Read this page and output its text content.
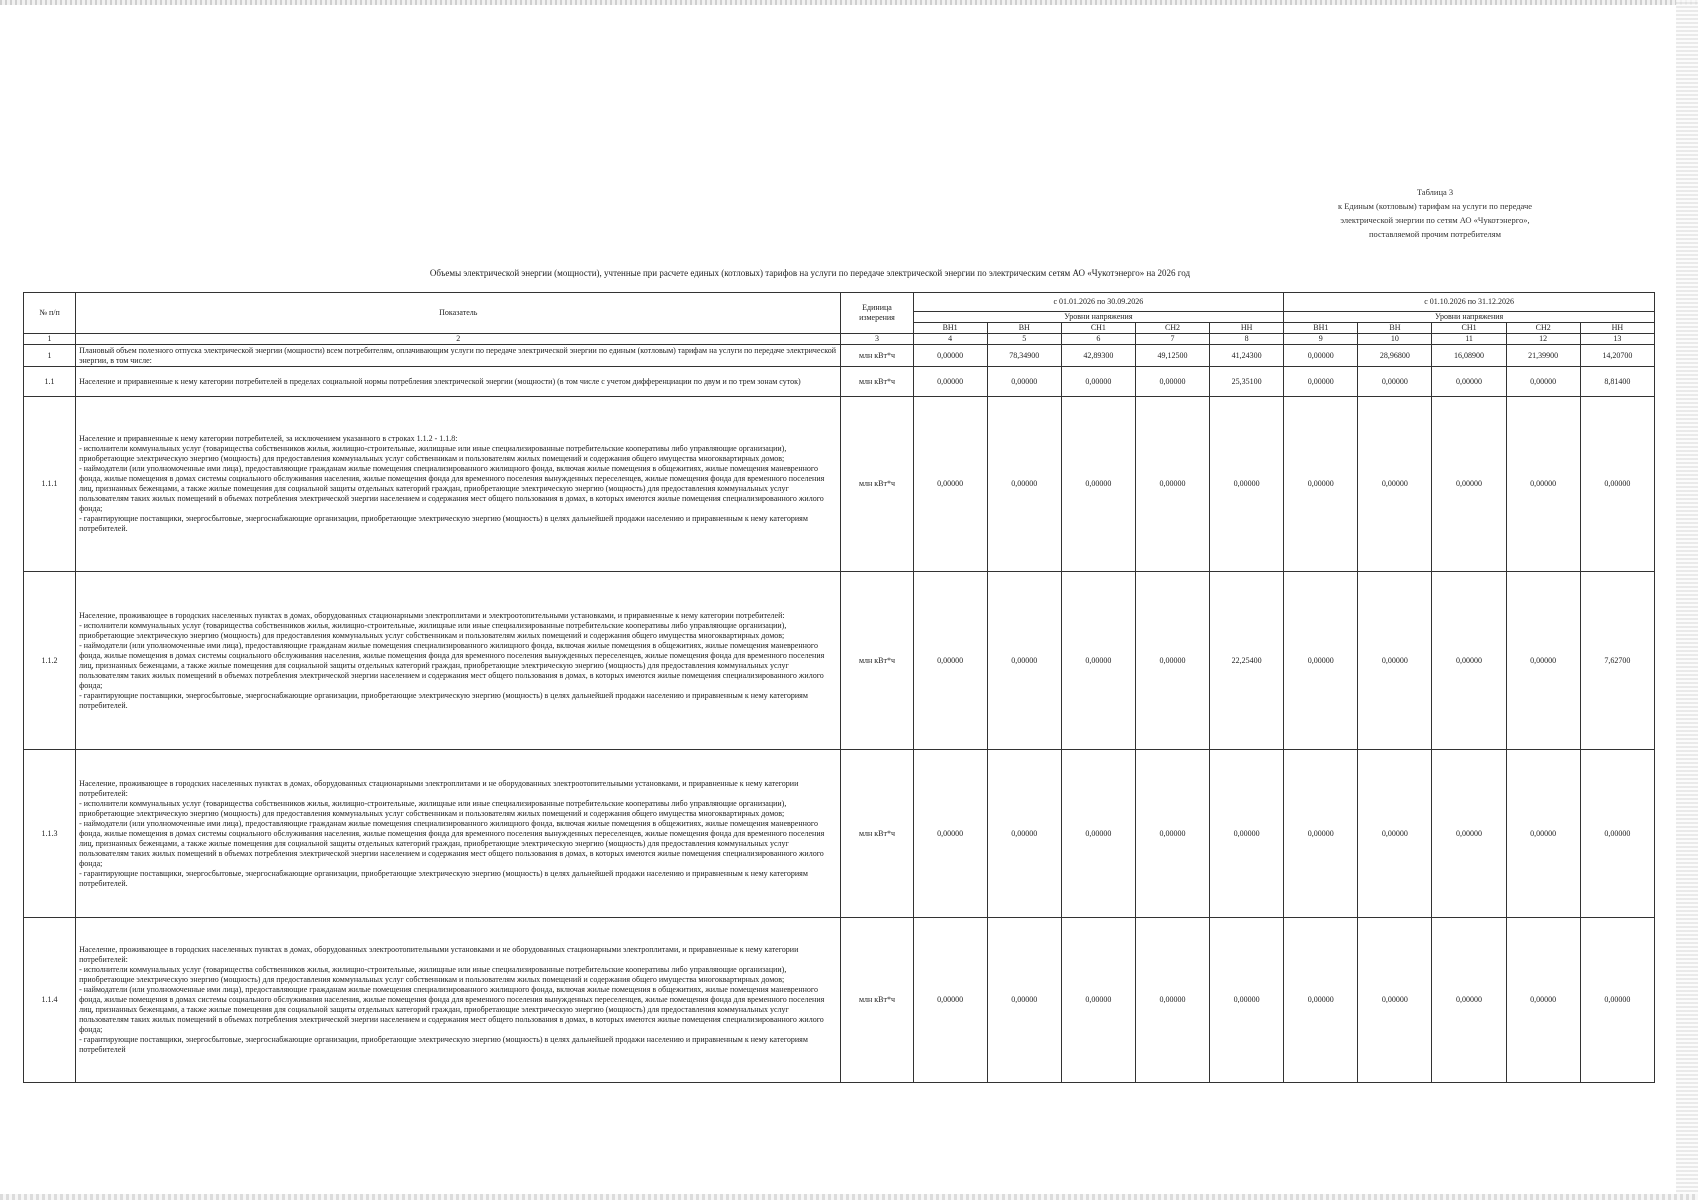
Таблица 3
к Единым (котловым) тарифам на услуги по передаче
электрической энергии по сетям АО «Чукотэнерго»,
поставляемой прочим потребителям
Объемы электрической энергии (мощности), учтенные при расчете единых (котловых) тарифов на услуги по передаче электрической энергии по электрическим сетям АО «Чукотэнерго» на 2026 год
№ п/п	Показатель	Единица измерения	с 01.01.2026 по 30.09.2026					с 01.10.2026 по 31.12.2026				
			Уровни напряжения					Уровни напряжения				
			ВН1	ВН	СН1	СН2	НН	ВН1	ВН	СН1	СН2	НН
1	2	3	4	5	6	7	8	9	10	11	12	13
1	Плановый объем полезного отпуска электрической энергии (мощности) всем потребителям, оплачивающим услуги по передаче электрической энергии по единым (котловым) тарифам на услуги по передаче электрической энергии, в том числе:	млн кВт*ч	0,00000	78,34900	42,89300	49,12500	41,24300	0,00000	28,96800	16,08900	21,39900	14,20700
1.1	Население и приравненные к нему категории потребителей в пределах социальной нормы потребления электрической энергии (мощности) (в том числе с учетом дифференциации по двум и по трем зонам суток)	млн кВт*ч	0,00000	0,00000	0,00000	0,00000	25,35100	0,00000	0,00000	0,00000	0,00000	8,81400
1.1.1	Население и приравненные к нему категории потребителей, за исключением указанного в строках 1.1.2 - 1.1.8:
- исполнители коммунальных услуг (товарищества собственников жилья, жилищно-строительные, жилищные или иные специализированные потребительские кооперативы либо управляющие организации), приобретающие электрическую энергию (мощность) для предоставления коммунальных услуг собственникам и пользователям жилых помещений и содержания общего имущества многоквартирных домов;
- наймодатели (или уполномоченные ими лица), предоставляющие гражданам жилые помещения специализированного жилищного фонда, включая жилые помещения в общежитиях, жилые помещения маневренного фонда, жилые помещения в домах системы социального обслуживания населения, жилые помещения фонда для временного поселения вынужденных переселенцев, жилые помещения фонда для временного поселения лиц, признанных беженцами, а также жилые помещения для социальной защиты отдельных категорий граждан, приобретающие электрическую энергию (мощность) для предоставления коммунальных услуг пользователям таких жилых помещений в объемах потребления электрической энергии населением и содержания мест общего пользования в домах, в которых имеются жилые помещения специализированного жилого фонда;
- гарантирующие поставщики, энергосбытовые, энергоснабжающие организации, приобретающие электрическую энергию (мощность) в целях дальнейшей продажи населению и приравненным к нему категориям потребителей.	млн кВт*ч	0,00000	0,00000	0,00000	0,00000	0,00000	0,00000	0,00000	0,00000	0,00000	0,00000
1.1.2	Население, проживающее в городских населенных пунктах в домах, оборудованных стационарными электроплитами и электроотопительными установками, и приравненные к нему категории потребителей:
- исполнители коммунальных услуг (товарищества собственников жилья, жилищно-строительные, жилищные или иные специализированные потребительские кооперативы либо управляющие организации), приобретающие электрическую энергию (мощность) для предоставления коммунальных услуг собственникам и пользователям жилых помещений и содержания общего имущества многоквартирных домов;
- наймодатели (или уполномоченные ими лица), предоставляющие гражданам жилые помещения специализированного жилищного фонда, включая жилые помещения в общежитиях, жилые помещения маневренного фонда, жилые помещения в домах системы социального обслуживания населения, жилые помещения фонда для временного поселения вынужденных переселенцев, жилые помещения фонда для временного поселения лиц, признанных беженцами, а также жилые помещения для социальной защиты отдельных категорий граждан, приобретающие электрическую энергию (мощность) для предоставления коммунальных услуг пользователям таких жилых помещений в объемах потребления электрической энергии населением и содержания мест общего пользования в домах, в которых имеются жилые помещения специализированного жилого фонда;
- гарантирующие поставщики, энергосбытовые, энергоснабжающие организации, приобретающие электрическую энергию (мощность) в целях дальнейшей продажи населению и приравненным к нему категориям потребителей.	млн кВт*ч	0,00000	0,00000	0,00000	0,00000	22,25400	0,00000	0,00000	0,00000	0,00000	7,62700
1.1.3	Население, проживающее в городских населенных пунктах в домах, оборудованных стационарными электроплитами и не оборудованных электроотопительными установками, и приравненные к нему категории потребителей:
- исполнители коммунальных услуг (товарищества собственников жилья, жилищно-строительные, жилищные или иные специализированные потребительские кооперативы либо управляющие организации), приобретающие электрическую энергию (мощность) для предоставления коммунальных услуг собственникам и пользователям жилых помещений и содержания общего имущества многоквартирных домов;
- наймодатели (или уполномоченные ими лица), предоставляющие гражданам жилые помещения специализированного жилищного фонда, включая жилые помещения в общежитиях, жилые помещения маневренного фонда, жилые помещения в домах системы социального обслуживания населения, жилые помещения фонда для временного поселения вынужденных переселенцев, жилые помещения фонда для временного поселения лиц, признанных беженцами, а также жилые помещения для социальной защиты отдельных категорий граждан, приобретающие электрическую энергию (мощность) для предоставления коммунальных услуг пользователям таких жилых помещений в объемах потребления электрической энергии населением и содержания мест общего пользования в домах, в которых имеются жилые помещения специализированного жилого фонда;
- гарантирующие поставщики, энергосбытовые, энергоснабжающие организации, приобретающие электрическую энергию (мощность) в целях дальнейшей продажи населению и приравненным к нему категориям потребителей.	млн кВт*ч	0,00000	0,00000	0,00000	0,00000	0,00000	0,00000	0,00000	0,00000	0,00000	0,00000
1.1.4	Население, проживающее в городских населенных пунктах в домах, оборудованных электроотопительными установками и не оборудованных стационарными электроплитами, и приравненные к нему категории потребителей:
- исполнители коммунальных услуг (товарищества собственников жилья, жилищно-строительные, жилищные или иные специализированные потребительские кооперативы либо управляющие организации), приобретающие электрическую энергию (мощность) для предоставления коммунальных услуг собственникам и пользователям жилых помещений и содержания общего имущества многоквартирных домов;
- наймодатели (или уполномоченные ими лица), предоставляющие гражданам жилые помещения специализированного жилищного фонда, включая жилые помещения в общежитиях, жилые помещения маневренного фонда, жилые помещения в домах системы социального обслуживания населения, жилые помещения фонда для временного поселения вынужденных переселенцев, жилые помещения фонда для временного поселения лиц, признанных беженцами, а также жилые помещения для социальной защиты отдельных категорий граждан, приобретающие электрическую энергию (мощность) для предоставления коммунальных услуг пользователям таких жилых помещений в объемах потребления электрической энергии населением и содержания мест общего пользования в домах, в которых имеются жилые помещения специализированного жилого фонда;
- гарантирующие поставщики, энергосбытовые, энергоснабжающие организации, приобретающие электрическую энергию (мощность) в целях дальнейшей продажи населению и приравненным к нему категориям потребителей	млн кВт*ч	0,00000	0,00000	0,00000	0,00000	0,00000	0,00000	0,00000	0,00000	0,00000	0,00000
